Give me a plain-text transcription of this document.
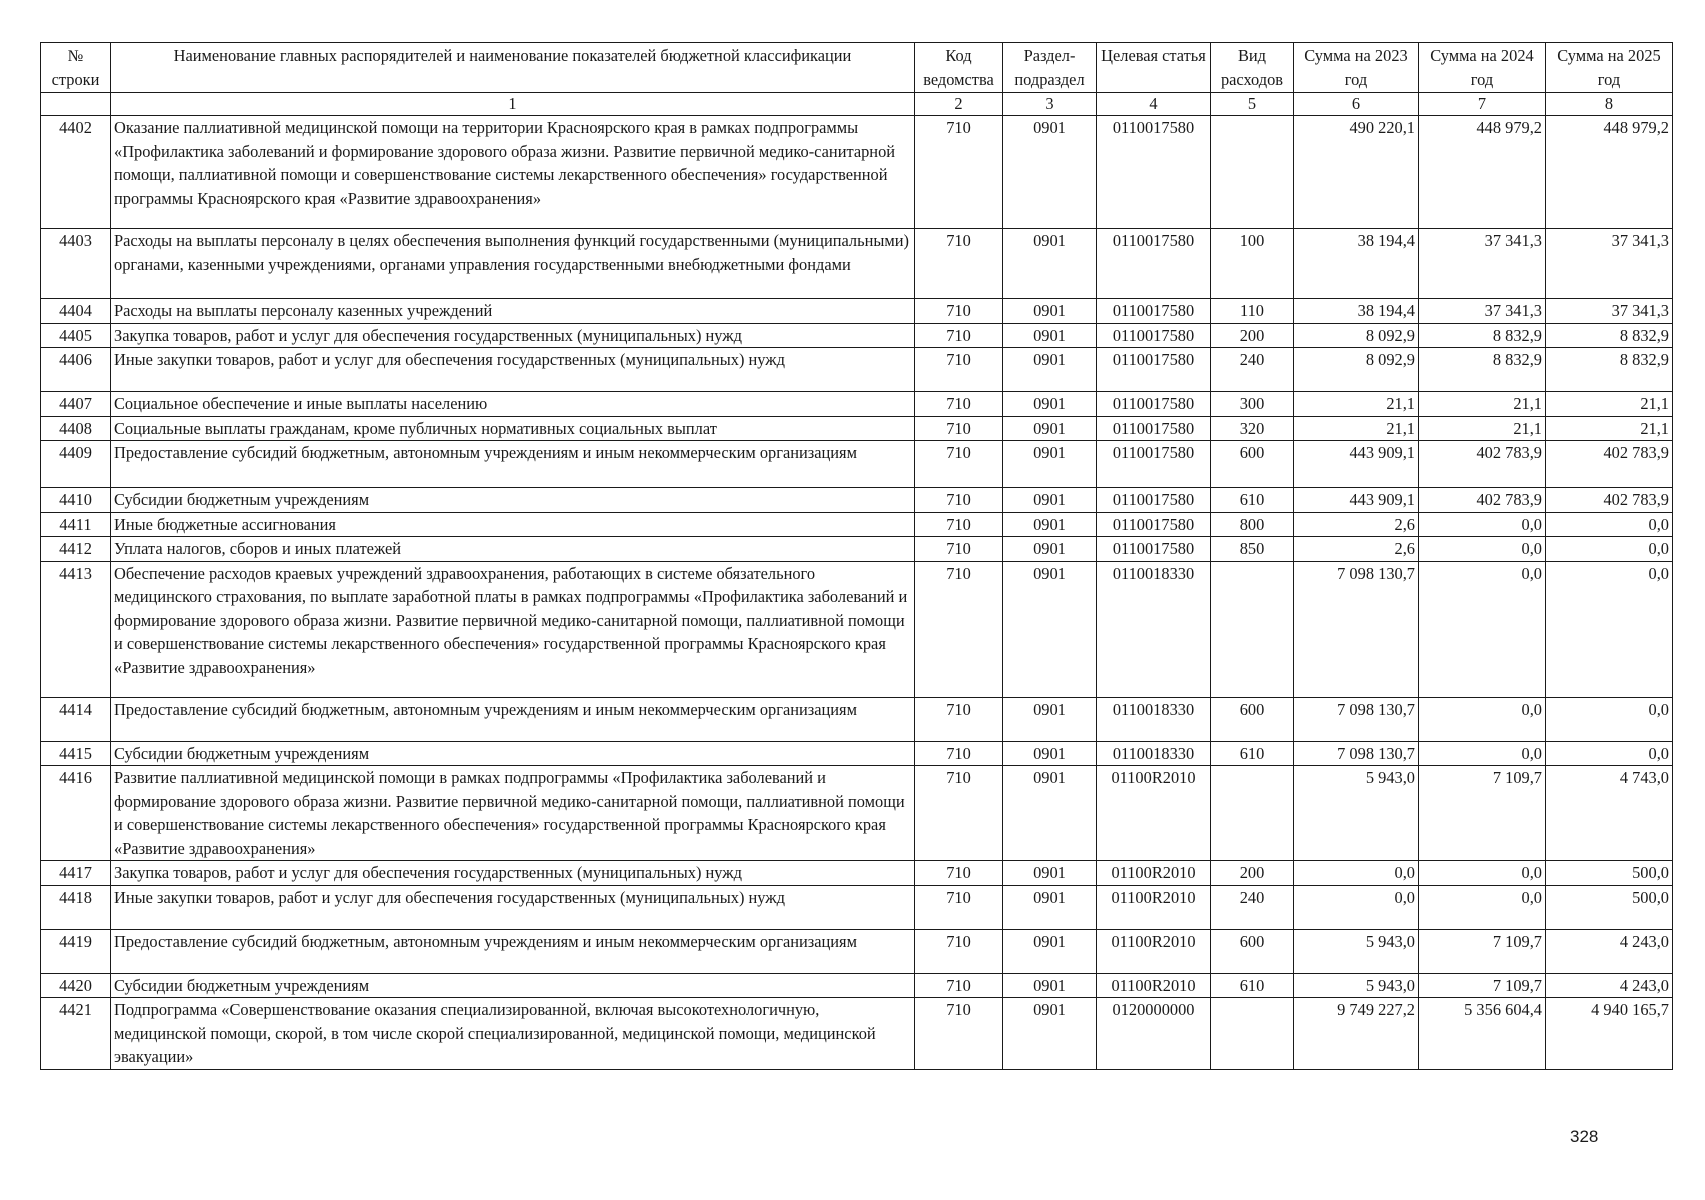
№ строки	Наименование главных распорядителей и наименование показателей бюджетной классификации	Код ведомства	Раздел-подраздел	Целевая статья	Вид расходов	Сумма на 2023 год	Сумма на 2024 год	Сумма на 2025 год
	1	2	3	4	5	6	7	8
4402	Оказание паллиативной медицинской помощи на территории Красноярского края в рамках подпрограммы «Профилактика заболеваний и формирование здорового образа жизни. Развитие первичной медико-санитарной помощи, паллиативной помощи и совершенствование системы лекарственного обеспечения» государственной программы Красноярского края «Развитие здравоохранения»	710	0901	0110017580		490 220,1	448 979,2	448 979,2
4403	Расходы на выплаты персоналу в целях обеспечения выполнения функций государственными (муниципальными) органами, казенными учреждениями, органами управления государственными внебюджетными фондами	710	0901	0110017580	100	38 194,4	37 341,3	37 341,3
4404	Расходы на выплаты персоналу казенных учреждений	710	0901	0110017580	110	38 194,4	37 341,3	37 341,3
4405	Закупка товаров, работ и услуг для обеспечения государственных (муниципальных) нужд	710	0901	0110017580	200	8 092,9	8 832,9	8 832,9
4406	Иные закупки товаров, работ и услуг для обеспечения государственных (муниципальных) нужд	710	0901	0110017580	240	8 092,9	8 832,9	8 832,9
4407	Социальное обеспечение и иные выплаты населению	710	0901	0110017580	300	21,1	21,1	21,1
4408	Социальные выплаты гражданам, кроме публичных нормативных социальных выплат	710	0901	0110017580	320	21,1	21,1	21,1
4409	Предоставление субсидий бюджетным, автономным учреждениям и иным некоммерческим организациям	710	0901	0110017580	600	443 909,1	402 783,9	402 783,9
4410	Субсидии бюджетным учреждениям	710	0901	0110017580	610	443 909,1	402 783,9	402 783,9
4411	Иные бюджетные ассигнования	710	0901	0110017580	800	2,6	0,0	0,0
4412	Уплата налогов, сборов и иных платежей	710	0901	0110017580	850	2,6	0,0	0,0
4413	Обеспечение расходов краевых учреждений здравоохранения, работающих в системе обязательного медицинского страхования, по выплате заработной платы в рамках подпрограммы «Профилактика заболеваний и формирование здорового образа жизни. Развитие первичной медико-санитарной помощи, паллиативной помощи и совершенствование системы лекарственного обеспечения» государственной программы Красноярского края «Развитие здравоохранения»	710	0901	0110018330		7 098 130,7	0,0	0,0
4414	Предоставление субсидий бюджетным, автономным учреждениям и иным некоммерческим организациям	710	0901	0110018330	600	7 098 130,7	0,0	0,0
4415	Субсидии бюджетным учреждениям	710	0901	0110018330	610	7 098 130,7	0,0	0,0
4416	Развитие паллиативной медицинской помощи в рамках подпрограммы «Профилактика заболеваний и формирование здорового образа жизни. Развитие первичной медико-санитарной помощи, паллиативной помощи и совершенствование системы лекарственного обеспечения» государственной программы Красноярского края «Развитие здравоохранения»	710	0901	01100R2010		5 943,0	7 109,7	4 743,0
4417	Закупка товаров, работ и услуг для обеспечения государственных (муниципальных) нужд	710	0901	01100R2010	200	0,0	0,0	500,0
4418	Иные закупки товаров, работ и услуг для обеспечения государственных (муниципальных) нужд	710	0901	01100R2010	240	0,0	0,0	500,0
4419	Предоставление субсидий бюджетным, автономным учреждениям и иным некоммерческим организациям	710	0901	01100R2010	600	5 943,0	7 109,7	4 243,0
4420	Субсидии бюджетным учреждениям	710	0901	01100R2010	610	5 943,0	7 109,7	4 243,0
4421	Подпрограмма «Совершенствование оказания специализированной, включая высокотехнологичную, медицинской помощи, скорой, в том числе скорой специализированной, медицинской помощи, медицинской эвакуации»	710	0901	0120000000		9 749 227,2	5 356 604,4	4 940 165,7
328
